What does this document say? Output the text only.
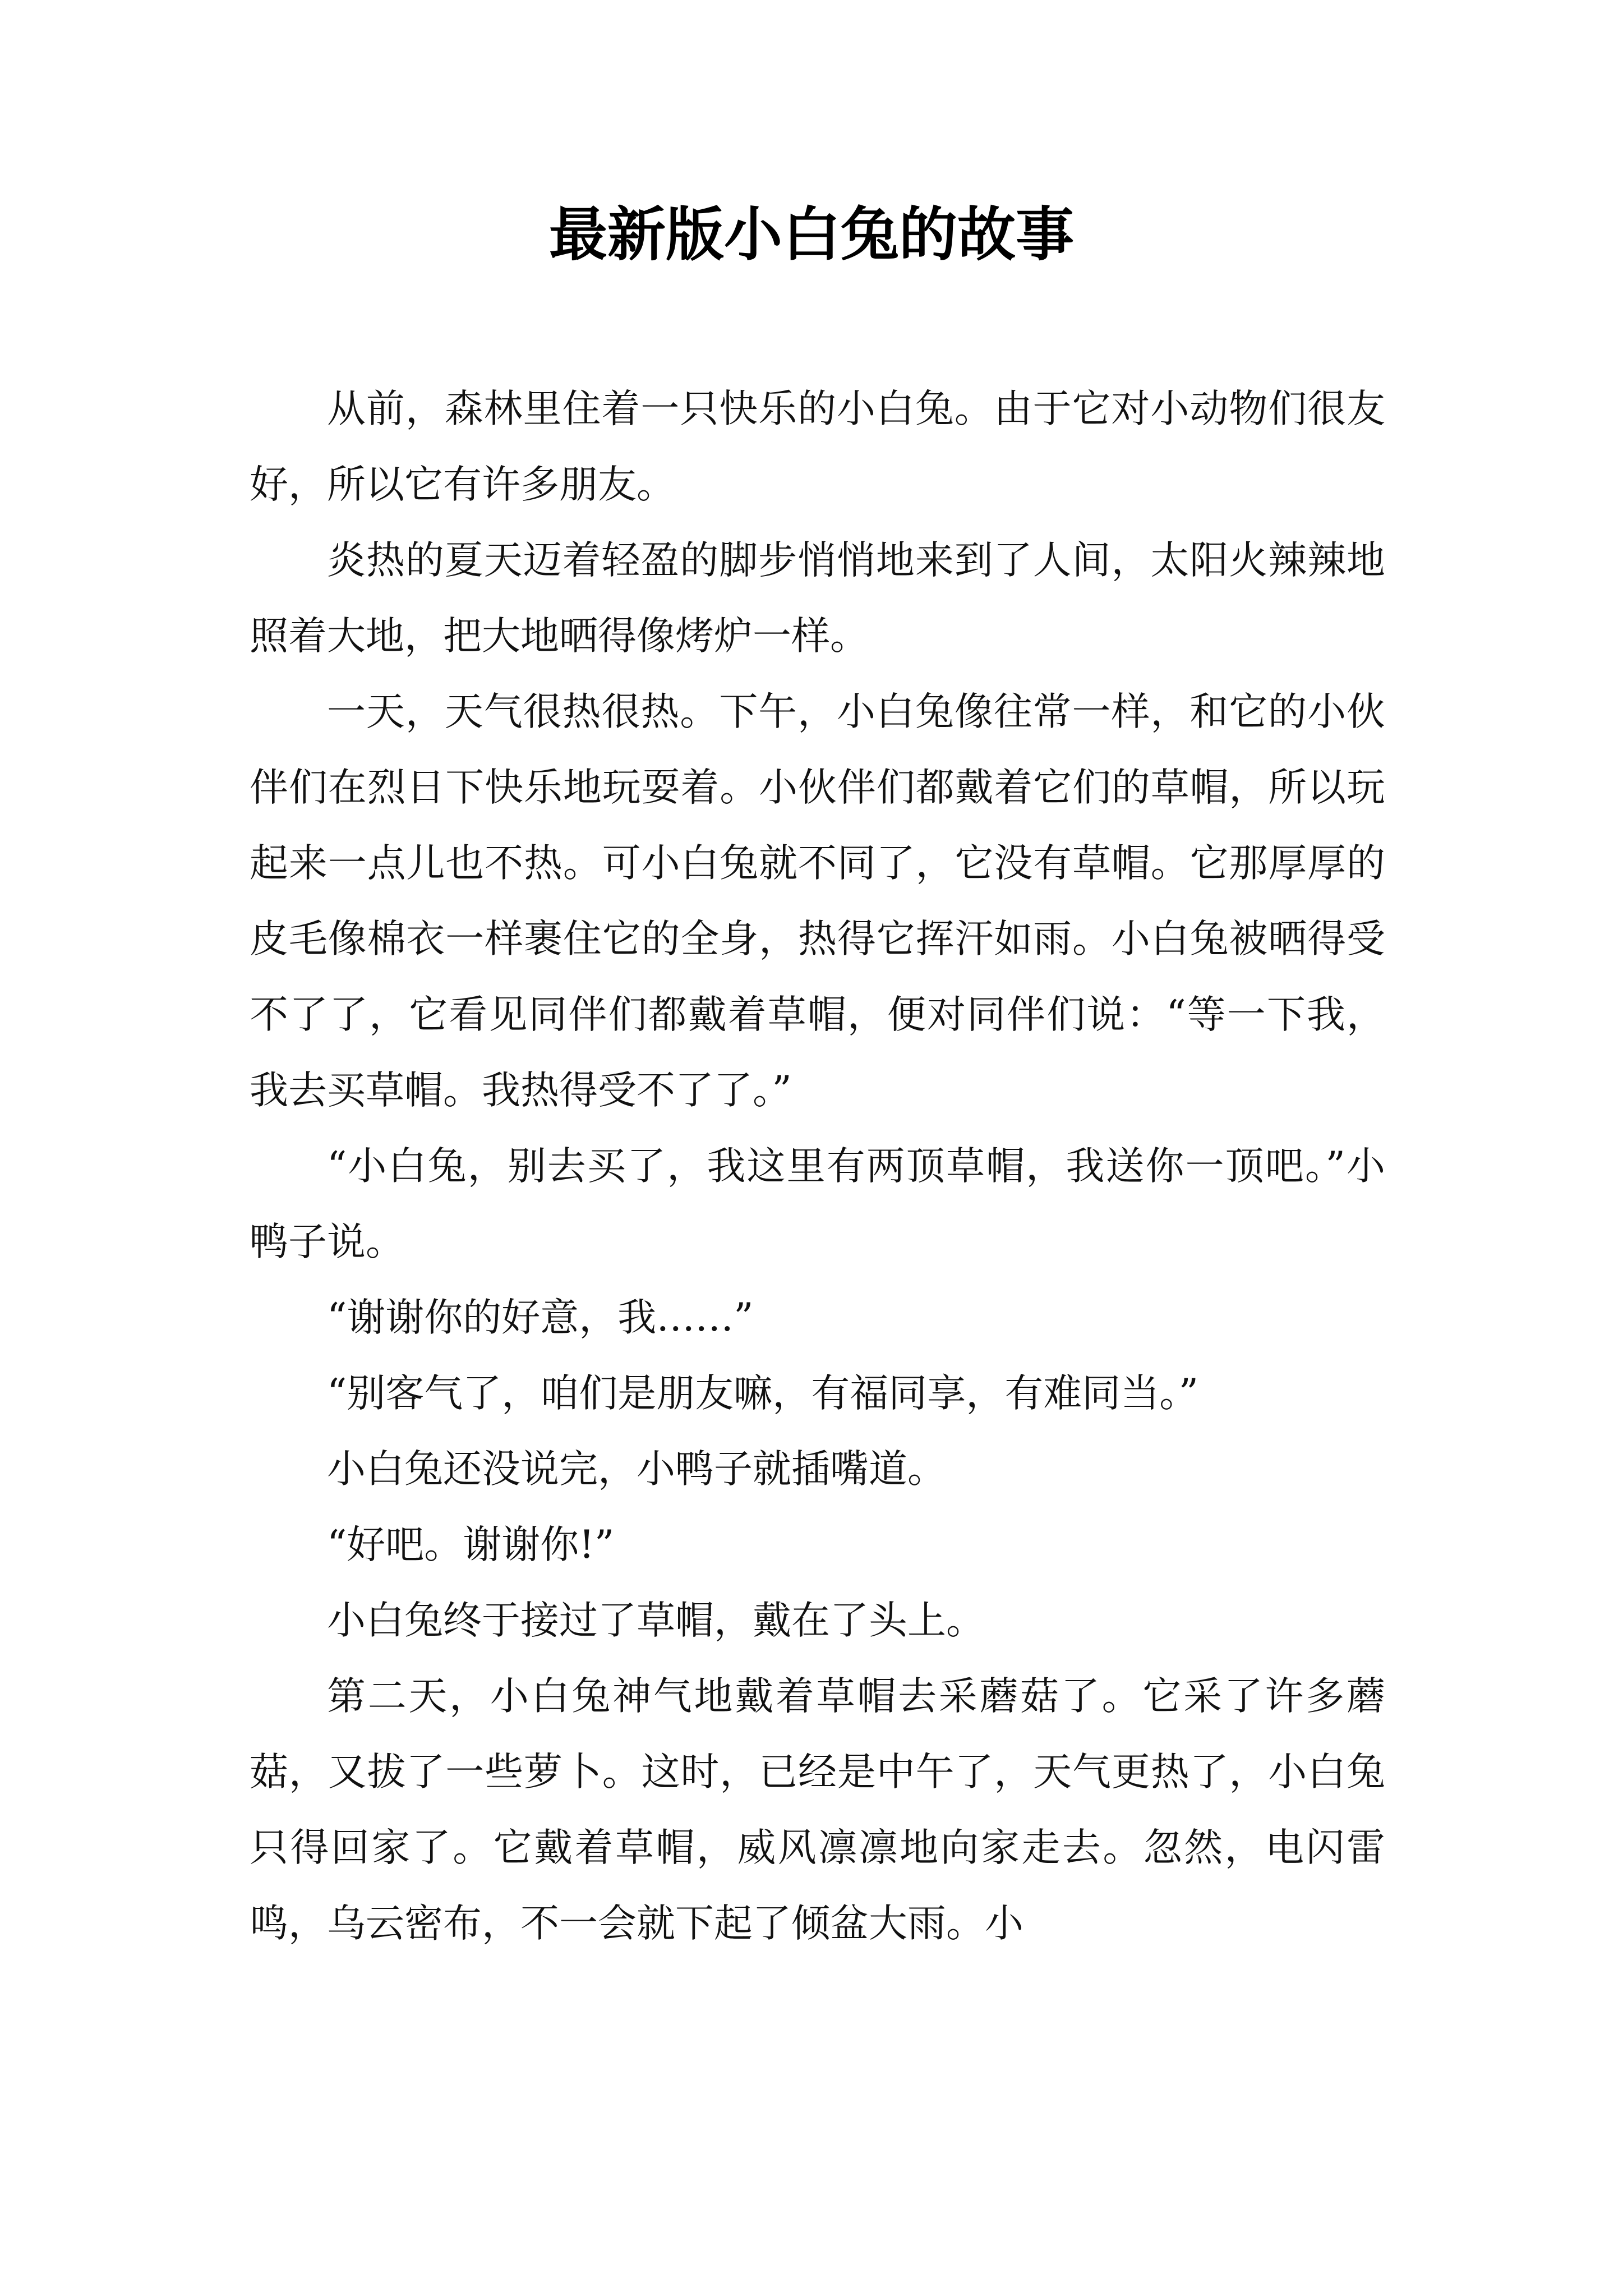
最新版小白兔的故事

从前，森林里住着一只快乐的小白兔。由于它对小动物们很友好，所以它有许多朋友。

炎热的夏天迈着轻盈的脚步悄悄地来到了人间，太阳火辣辣地照着大地，把大地晒得像烤炉一样。

一天，天气很热很热。下午，小白兔像往常一样，和它的小伙伴们在烈日下快乐地玩耍着。小伙伴们都戴着它们的草帽，所以玩起来一点儿也不热。可小白兔就不同了，它没有草帽。它那厚厚的皮毛像棉衣一样裹住它的全身，热得它挥汗如雨。小白兔被晒得受不了了，它看见同伴们都戴着草帽，便对同伴们说：“等一下我，我去买草帽。我热得受不了了。”

“小白兔，别去买了，我这里有两顶草帽，我送你一顶吧。”小鸭子说。

“谢谢你的好意，我……”

“别客气了，咱们是朋友嘛，有福同享，有难同当。”

小白兔还没说完，小鸭子就插嘴道。

“好吧。谢谢你!”

小白兔终于接过了草帽，戴在了头上。

第二天，小白兔神气地戴着草帽去采蘑菇了。它采了许多蘑菇，又拔了一些萝卜。这时，已经是中午了，天气更热了，小白兔只得回家了。它戴着草帽，威风凛凛地向家走去。忽然，电闪雷鸣，乌云密布，不一会就下起了倾盆大雨。小
